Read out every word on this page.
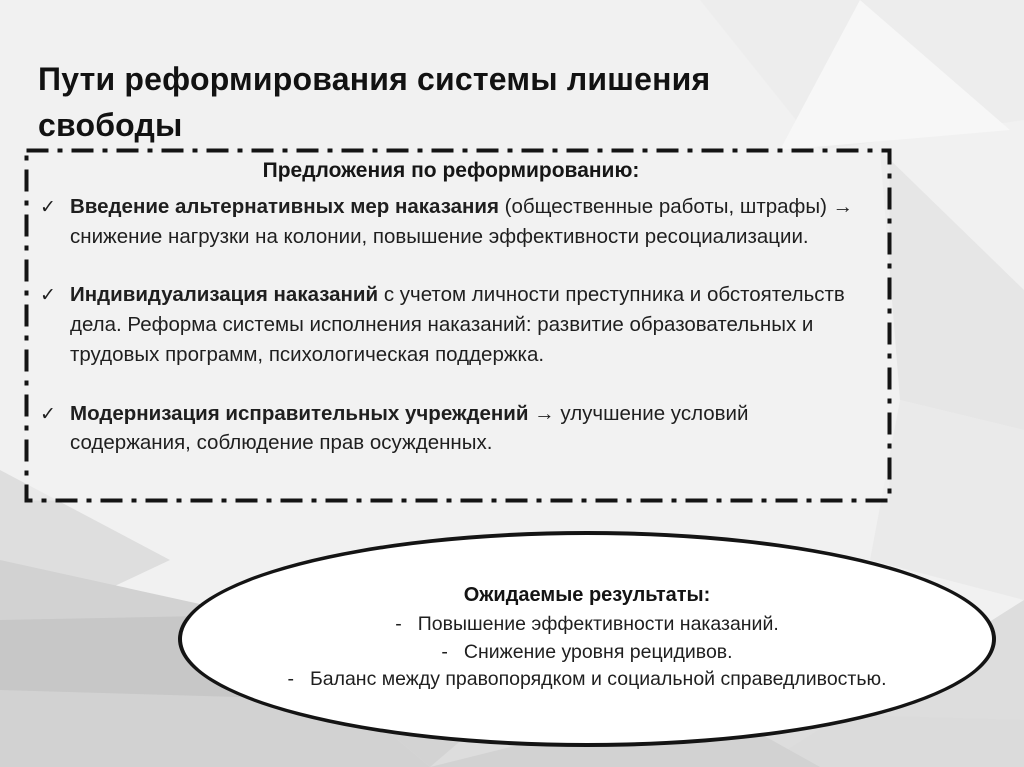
Пути реформирования системы лишения
свободы
Предложения по реформированию:
✓ Введение альтернативных мер наказания (общественные работы, штрафы) → снижение нагрузки на колонии, повышение эффективности ресоциализации.
✓ Индивидуализация наказаний с учетом личности преступника и обстоятельств дела. Реформа системы исполнения наказаний: развитие образовательных и трудовых программ, психологическая поддержка.
✓ Модернизация исправительных учреждений → улучшение условий содержания, соблюдение прав осужденных.
Ожидаемые результаты:
- Повышение эффективности наказаний.
- Снижение уровня рецидивов.
- Баланс между правопорядком и социальной справедливостью.
